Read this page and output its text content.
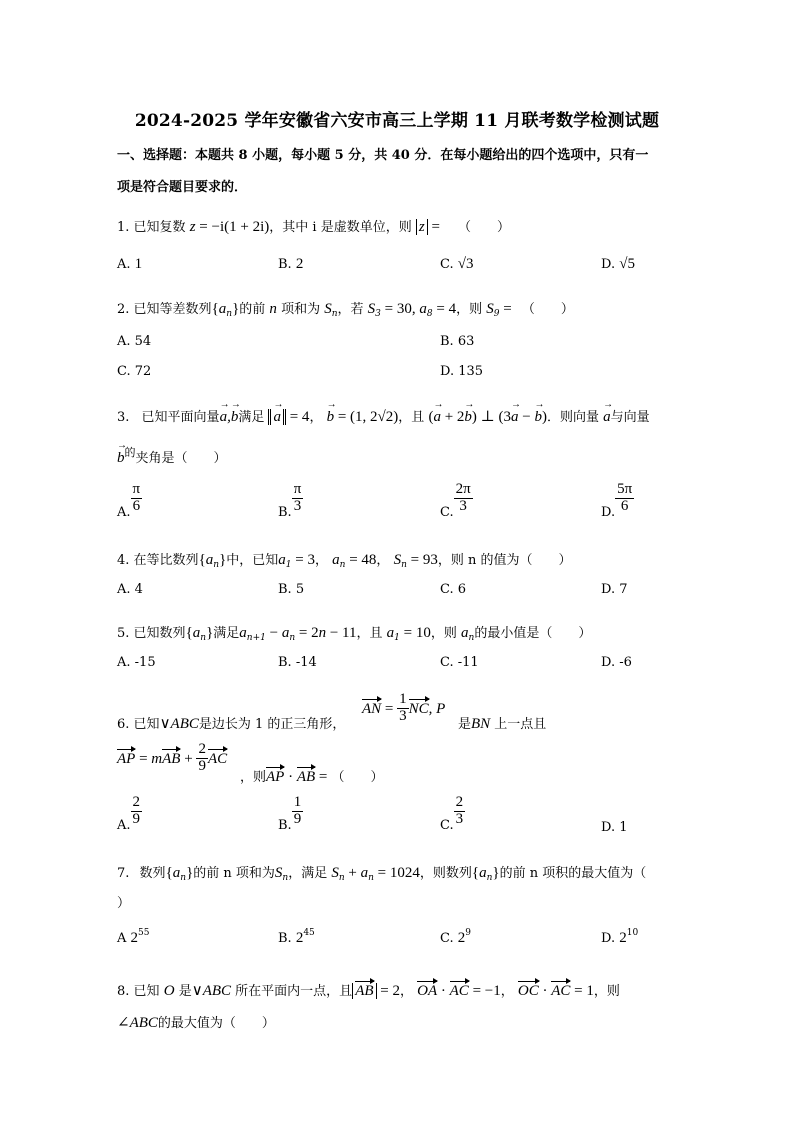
2024-2025 学年安徽省六安市高三上学期 11 月联考数学检测试题
一、选择题：本题共 8 小题，每小题 5 分，共 40 分．在每小题给出的四个选项中，只有一
项是符合题目要求的．
1. 已知复数 z = −i(1 + 2i)，其中 i 是虚数单位，则 z = （　　）
A. 1	B. 2	C. √3	D. √5
2. 已知等差数列$\{a_n\}$的前 n 项和为 $S_n$，若 $S_3 = 30$, $a_8 = 4$，则 $S_9$ = （　　）
A. 54	B. 63
C. 72	D. 135
3. 已知平面向量a →,b →满足 a → = 4， b → = (1, 2√2)，且 (a → + 2b →) ⊥ (3a → − b →)．则向量 a →与向量
b →$^的$夹角是（　　）
A. $\frac{\pi}{6}$	B. $\frac{\pi}{3}$	C. $\frac{2\pi}{3}$	D. $\frac{5\pi}{6}$
4. 在等比数列$\{a_n\}$中，已知$a_1 = 3$， $a_n = 48$， $S_n = 93$，则 n 的值为（　　）
A. 4	B. 5	C. 6	D. 7
5. 已知数列$\{a_n\}$满足$a_{n+1} - a_n = 2n - 11$，且 $a_1 = 10$，则 $a_n$的最小值是（　　）
A. -15	B. -14	C. -11	D. -6
6. 已知∨ABC是边长为 1 的正三角形，
AN = $\frac{1}{3}$ NC, P
是BN 上一点且
AP = mAB + $\frac{2}{9}$ AC
，则AP · AB = （　　）
A. $\frac{2}{9}$	B. $\frac{1}{9}$	C. $\frac{2}{3}$	D. 1
7. 数列$\{a_n\}$的前 n 项和为$S_n$，满足 $S_n + a_n = 1024$，则数列$\{a_n\}$的前 n 项积的最大值为（
）
A $2^{55}$	B. $2^{45}$	C. $2^9$	D. $2^{10}$
8. 已知 O 是∨ABC 所在平面内一点，且 AB = 2， OA · AC = −1， OC · AC = 1，则
∠ABC的最大值为（　　）
